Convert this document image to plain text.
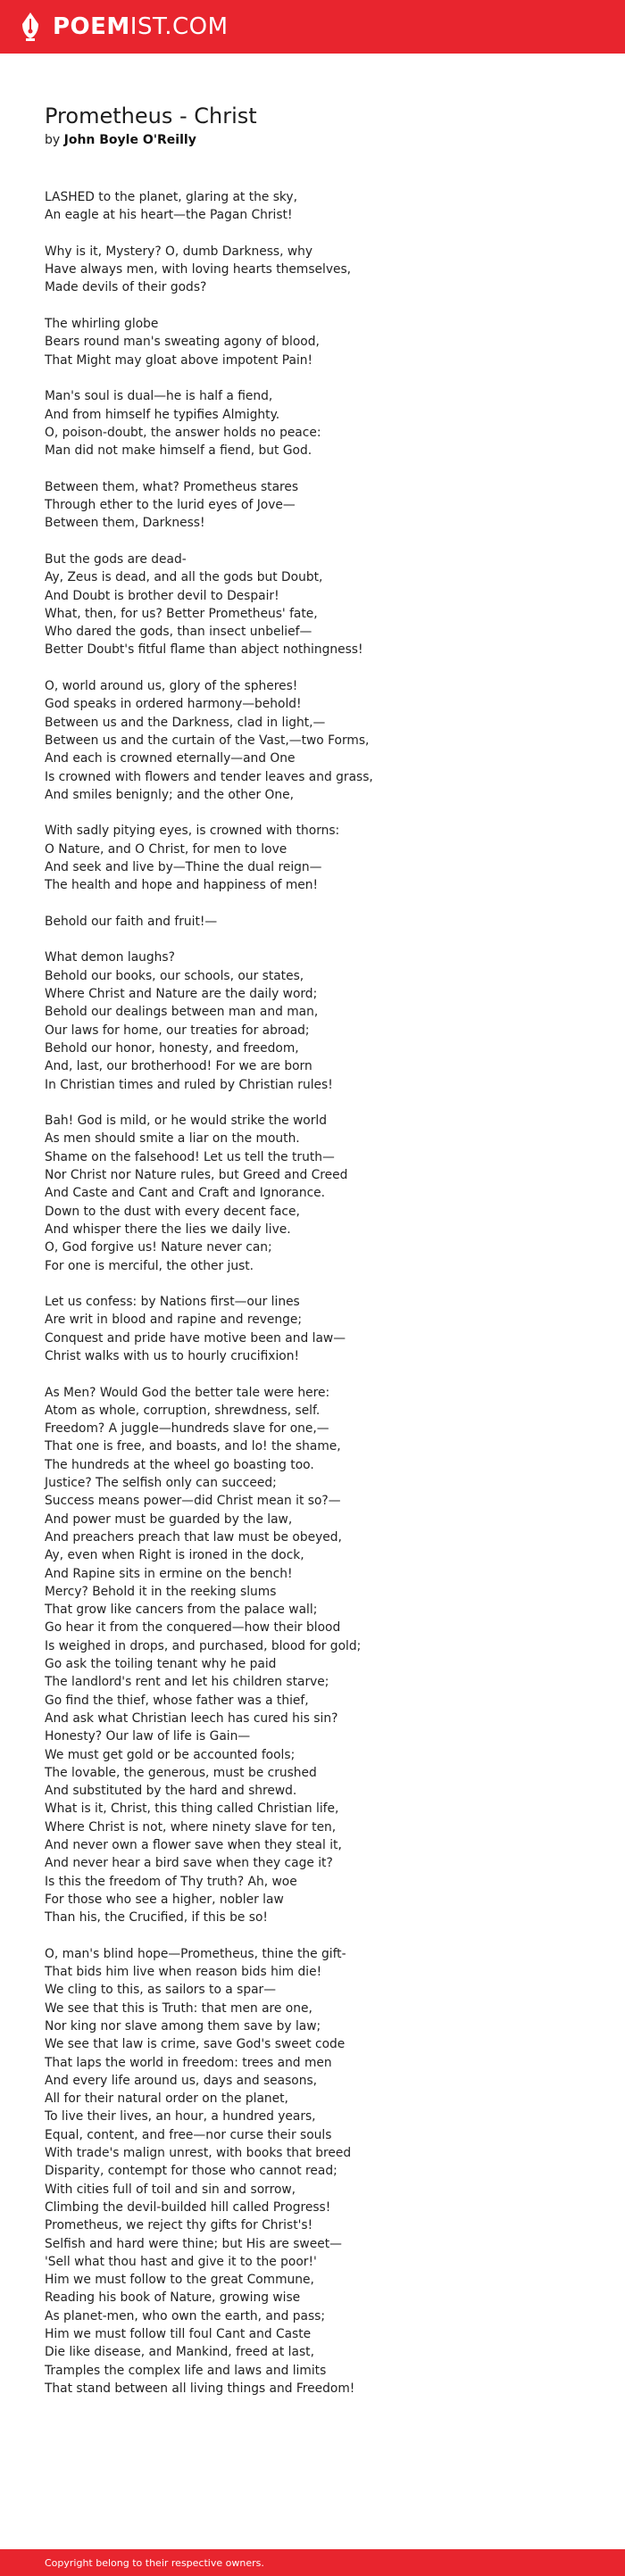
POEMIST.COM
Prometheus - Christ
by John Boyle O'Reilly
LASHED to the planet, glaring at the sky,
An eagle at his heart—the Pagan Christ!
Why is it, Mystery? O, dumb Darkness, why
Have always men, with loving hearts themselves,
Made devils of their gods?
The whirling globe
Bears round man's sweating agony of blood,
That Might may gloat above impotent Pain!
Man's soul is dual—he is half a fiend,
And from himself he typifies Almighty.
O, poison-doubt, the answer holds no peace:
Man did not make himself a fiend, but God.
Between them, what? Prometheus stares
Through ether to the lurid eyes of Jove—
Between them, Darkness!
But the gods are dead-
Ay, Zeus is dead, and all the gods but Doubt,
And Doubt is brother devil to Despair!
What, then, for us? Better Prometheus' fate,
Who dared the gods, than insect unbelief—
Better Doubt's fitful flame than abject nothingness!
O, world around us, glory of the spheres!
God speaks in ordered harmony—behold!
Between us and the Darkness, clad in light,—
Between us and the curtain of the Vast,—two Forms,
And each is crowned eternally—and One
Is crowned with flowers and tender leaves and grass,
And smiles benignly; and the other One,
With sadly pitying eyes, is crowned with thorns:
O Nature, and O Christ, for men to love
And seek and live by—Thine the dual reign—
The health and hope and happiness of men!
Behold our faith and fruit!—
What demon laughs?
Behold our books, our schools, our states,
Where Christ and Nature are the daily word;
Behold our dealings between man and man,
Our laws for home, our treaties for abroad;
Behold our honor, honesty, and freedom,
And, last, our brotherhood! For we are born
In Christian times and ruled by Christian rules!
Bah! God is mild, or he would strike the world
As men should smite a liar on the mouth.
Shame on the falsehood! Let us tell the truth—
Nor Christ nor Nature rules, but Greed and Creed
And Caste and Cant and Craft and Ignorance.
Down to the dust with every decent face,
And whisper there the lies we daily live.
O, God forgive us! Nature never can;
For one is merciful, the other just.
Let us confess: by Nations first—our lines
Are writ in blood and rapine and revenge;
Conquest and pride have motive been and law—
Christ walks with us to hourly crucifixion!
As Men? Would God the better tale were here:
Atom as whole, corruption, shrewdness, self.
Freedom? A juggle—hundreds slave for one,—
That one is free, and boasts, and lo! the shame,
The hundreds at the wheel go boasting too.
Justice? The selfish only can succeed;
Success means power—did Christ mean it so?—
And power must be guarded by the law,
And preachers preach that law must be obeyed,
Ay, even when Right is ironed in the dock,
And Rapine sits in ermine on the bench!
Mercy? Behold it in the reeking slums
That grow like cancers from the palace wall;
Go hear it from the conquered—how their blood
Is weighed in drops, and purchased, blood for gold;
Go ask the toiling tenant why he paid
The landlord's rent and let his children starve;
Go find the thief, whose father was a thief,
And ask what Christian leech has cured his sin?
Honesty? Our law of life is Gain—
We must get gold or be accounted fools;
The lovable, the generous, must be crushed
And substituted by the hard and shrewd.
What is it, Christ, this thing called Christian life,
Where Christ is not, where ninety slave for ten,
And never own a flower save when they steal it,
And never hear a bird save when they cage it?
Is this the freedom of Thy truth? Ah, woe
For those who see a higher, nobler law
Than his, the Crucified, if this be so!
O, man's blind hope—Prometheus, thine the gift-
That bids him live when reason bids him die!
We cling to this, as sailors to a spar—
We see that this is Truth: that men are one,
Nor king nor slave among them save by law;
We see that law is crime, save God's sweet code
That laps the world in freedom: trees and men
And every life around us, days and seasons,
All for their natural order on the planet,
To live their lives, an hour, a hundred years,
Equal, content, and free—nor curse their souls
With trade's malign unrest, with books that breed
Disparity, contempt for those who cannot read;
With cities full of toil and sin and sorrow,
Climbing the devil-builded hill called Progress!
Prometheus, we reject thy gifts for Christ's!
Selfish and hard were thine; but His are sweet—
'Sell what thou hast and give it to the poor!'
Him we must follow to the great Commune,
Reading his book of Nature, growing wise
As planet-men, who own the earth, and pass;
Him we must follow till foul Cant and Caste
Die like disease, and Mankind, freed at last,
Tramples the complex life and laws and limits
That stand between all living things and Freedom!
Copyright belong to their respective owners.
